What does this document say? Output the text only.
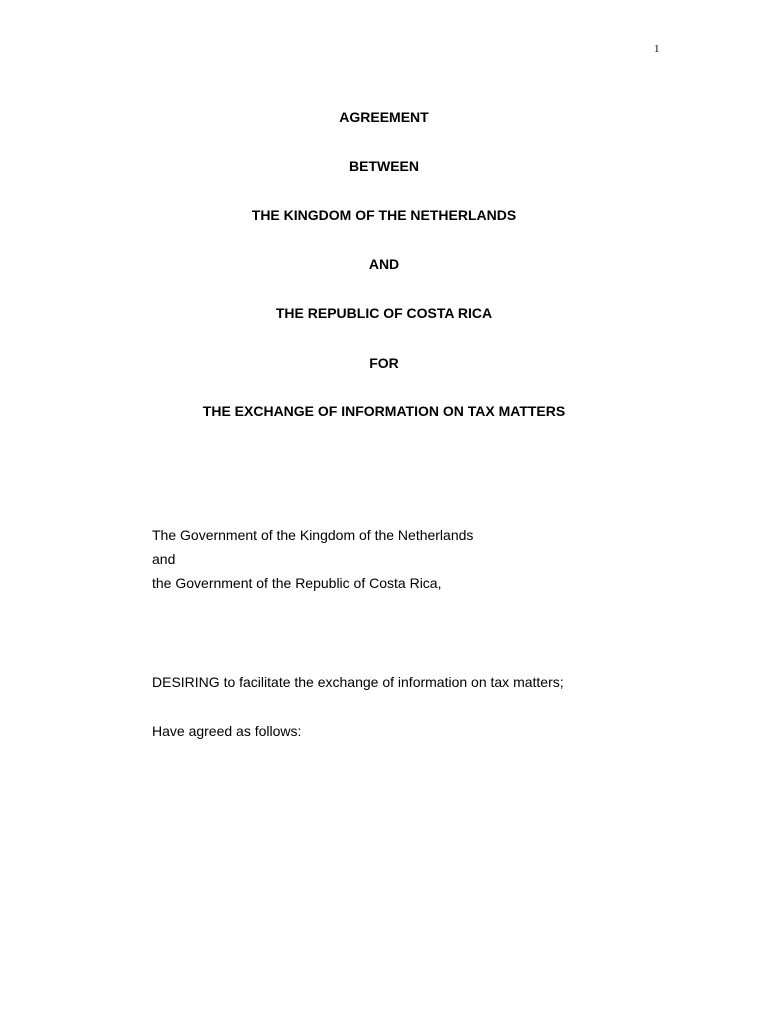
1
AGREEMENT
BETWEEN
THE KINGDOM OF THE NETHERLANDS
AND
THE REPUBLIC OF COSTA RICA
FOR
THE EXCHANGE OF INFORMATION ON TAX MATTERS
The Government of the Kingdom of the Netherlands
and
the Government of the Republic of Costa Rica,
DESIRING to facilitate the exchange of information on tax matters;
Have agreed as follows:
